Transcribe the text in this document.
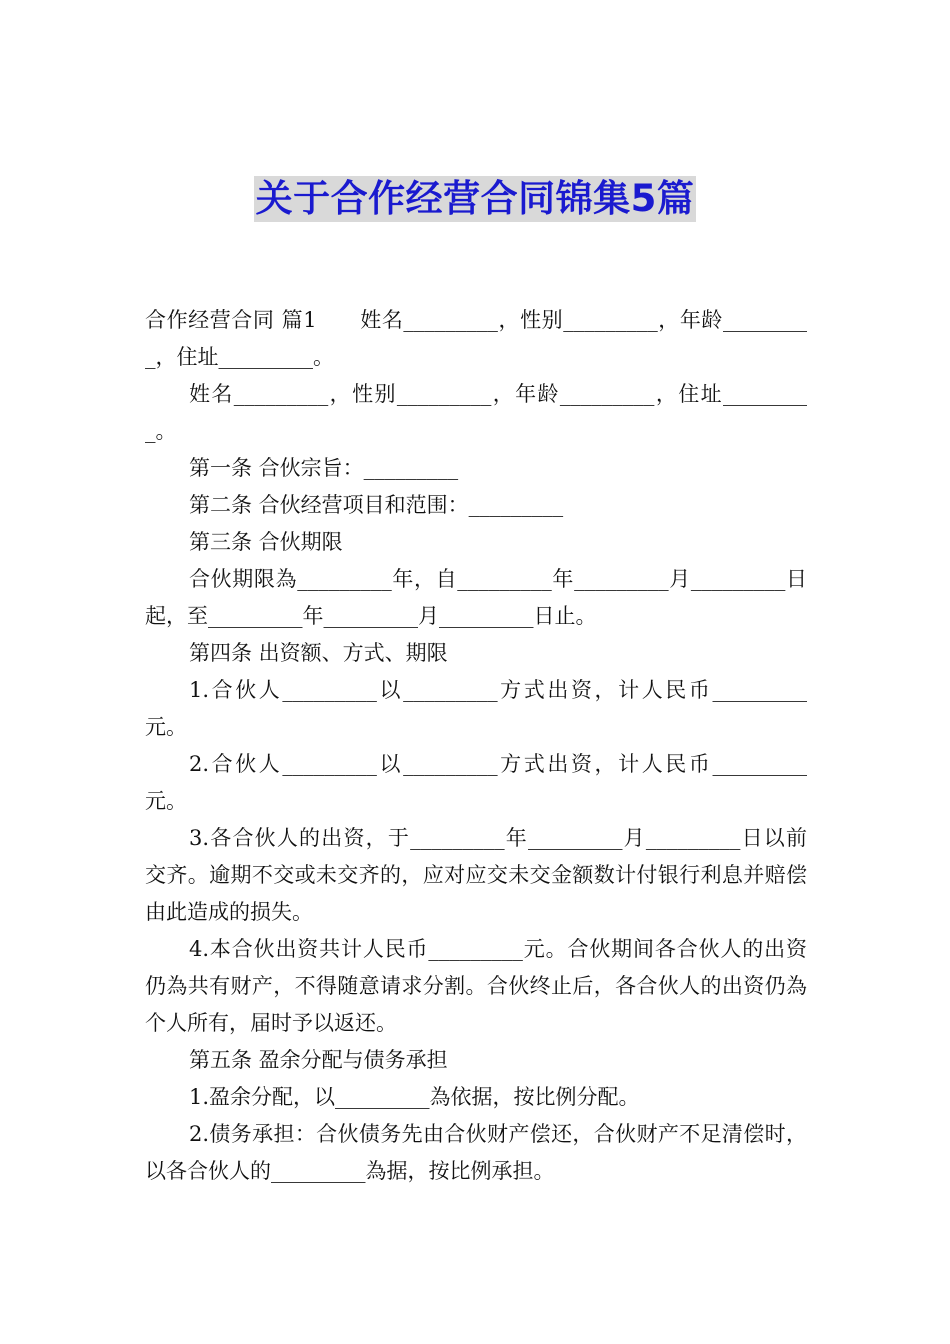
关于合作经营合同锦集5篇

合作经营合同 篇1　　姓名_________，性别_________，年龄_________，住址_________。

姓名_________，性别_________，年龄_________，住址_________。

第一条 合伙宗旨：_________

第二条 合伙经营项目和范围：_________

第三条 合伙期限

合伙期限為_________年，自_________年_________月_________日起，至_________年_________月_________日止。

第四条 出资额、方式、期限

1.合伙人_________以_________方式出资，计人民币_________元。

2.合伙人_________以_________方式出资，计人民币_________元。

3.各合伙人的出资，于_________年_________月_________日以前交齐。逾期不交或未交齐的，应对应交未交金额数计付银行利息并赔偿由此造成的损失。

4.本合伙出资共计人民币_________元。合伙期间各合伙人的出资仍為共有财产，不得随意请求分割。合伙终止后，各合伙人的出资仍為个人所有，届时予以返还。

第五条 盈余分配与债务承担

1.盈余分配，以_________為依据，按比例分配。

2.债务承担：合伙债务先由合伙财产偿还，合伙财产不足清偿时，以各合伙人的_________為据，按比例承担。
